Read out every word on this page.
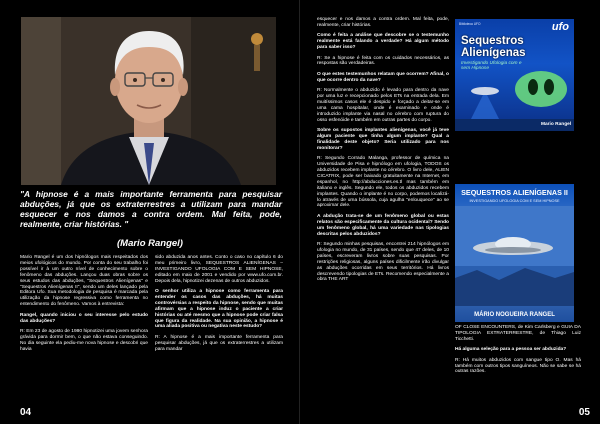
"A hipnose é a mais importante ferramenta para pesquisar abduções, já que os extraterrestres a utilizam para mandar esquecer e nos damos a contra ordem. Mal feita, pode, realmente, criar histórias. "
(Mario Rangel)

Mario Rangel é um dos hipnólogos mais respeitados dos meios ufológicos do mundo. Por conta do seu trabalho foi possível ir à um outro nível de conhecimento sobre o fenômeno das abduções. Lançou duas obras sobre os seus estudos das abduções, "Sequestros Alienígenas" e "Sequestros Alienígenas II", sendo um deles lançado pela Editora Ufo. Sua metodologia de pesquisa é marcada pela utilização da hipnose regressiva como ferramenta no entendimento do fenômeno. Vamos à entrevista:

Rangel, quando iniciou o seu interesse pelo estudo das abduções?

R: Em 23 de agosto de 1980 hipnotizei uma jovem senhora grávida para dormir bem, o que não estava conseguindo. No dia seguinte ela pediu-me nova hipnose e descobri que havia

sido abduzida anos antes. Conto o caso no capítulo 6 do meu primeiro livro, SEQUESTROS ALIENÍGENAS – INVESTIGANDO UFOLOGIA COM E SEM HIPNOSE, editado em maio de 2001 e vendido por www.ufo.com.br. Depois dela, hipnotizei dezenas de outros abduzidos.

O senhor utiliza a hipnose como ferramenta para entender os casos das abduções, há muitas controvérsias a respeito da hipnose, sendo que muitas afirmam que a hipnose induz o paciente a criar histórias ou até mesmo que a hipnose pode criar falsa que figura da realidade. Na sua opinião, a hipnose é uma aliada positiva ou negativa neste estudo?

R: A hipnose é a mais importante ferramenta para pesquisar abduções, já que os extraterrestres a utilizam para mandar

04

esquecer e nos damos a contra ordem. Mal feita, pode, realmente, criar histórias.

Como é feita a análise que descobre se o testemunho realmente está falando a verdade? Há algum método para saber isso?

R: Se a hipnose é feita com os cuidados necessários, as respostas são verdadeiras.

O que estes testemunhos relatam que ocorrem? Afinal, o que ocorre dentro da nave?

R: Normalmente o abduzido é levado para dentro da nave por uma luz e recepcionado pelos ETs na entrada dela. Em muitíssimos casos ele é despido e forçado a deitar-se em uma cama hospitalar, onde é examinado e onde é introduzido implante via nasal no cérebro com ruptura do osso esfenóide e também em outras partes do corpo.

Sobre os supostos implantes alienígenas, você já teve algum paciente que tinha algum implante? Qual a finalidade deste objeto? Seria utilizado para nos monitorar?

R: Segundo Corrado Malanga, professor de química na Universidade de Pisa e hipnólogo em ufologia, TODOS os abduzidos recebem implante no cérebro. O livro dele, ALIEN CICATRIX, pode ser baixado gratuitamente na Internet, em espanhol, no http://abducciones.es.tl mas também em italiano e inglês. Segundo ele, todos os abduzidos recebem implantes. Quando o implante é no corpo, podemos localizá-lo através de uma bússola, cuja agulha "enlouquece" ao se aproximar dele.

A abdução trata-se de um fenômeno global ou estas relatos são especificamente da cultura ocidental? Sendo um fenômeno global, há uma variedade nas tipologias descritas pelos abduzidos?

R: Segundo minhas pesquisas, encontrei 214 hipnólogos em ufologia no mundo, de 31 países, sendo que 47 deles, de 10 países, escreveram livros sobre suas pesquisas. Por restrições religiosas, alguns países dificilmente irão divulgar as abduções ocorridas em seus territórios. Há livros descrevendo tipologias de ETs. Recomendo especialmente a obra THE ART

OF CLOSE ENCOUNTERS, de Kim Carlsberg e GUIA DA TIPOLOGIA EXTRATERRESTRE, de Thiago Luiz Ticchetti.

Há alguma seleção para a pessoa ser abduzida?

R: Há muitos abduzidos com sangue tipo O. Mas há também com outros tipos sanguíneos. Não se sabe se há outras razões.

05
Biblioteca UFO	ufo
Sequestros
Alienígenas
Investigando Ufologia com e sem Hipnose
Mario Rangel
SEQUESTROS ALIENÍGENAS II
INVESTIGANDO UFOLOGIA COM E SEM HIPNOSE
MÁRIO NOGUEIRA RANGEL
